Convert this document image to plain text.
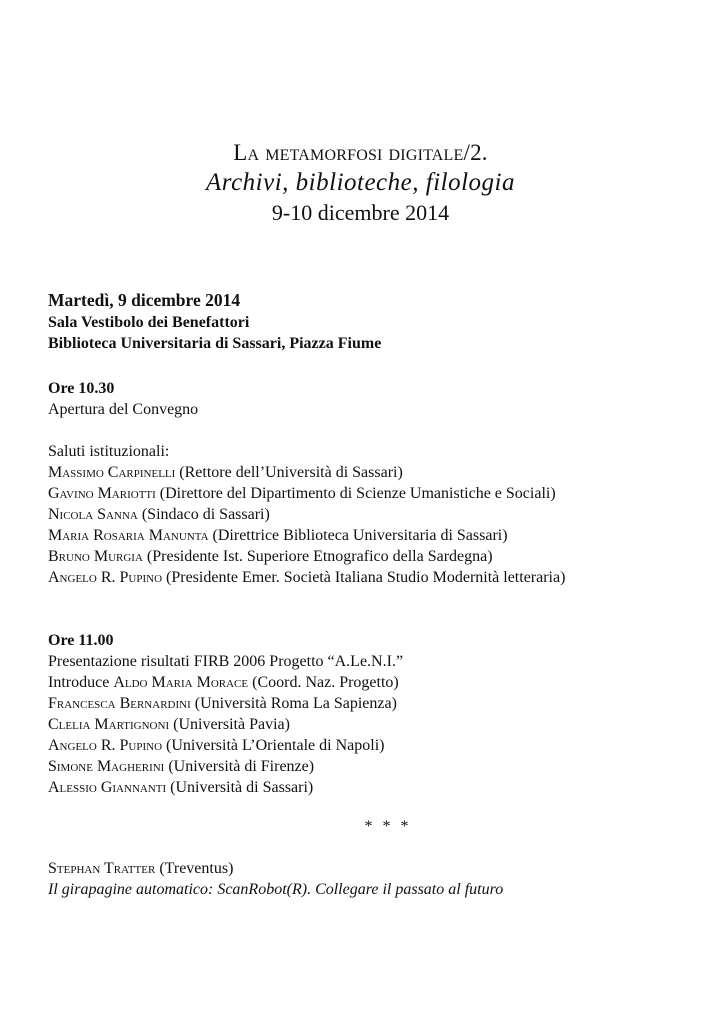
La metamorfosi digitale/2.
Archivi, biblioteche, filologia
9-10 dicembre 2014
Martedì, 9 dicembre 2014
Sala Vestibolo dei Benefattori
Biblioteca Universitaria di Sassari, Piazza Fiume
Ore 10.30
Apertura del Convegno
Saluti istituzionali:
Massimo Carpinelli (Rettore dell’Università di Sassari)
Gavino Mariotti (Direttore del Dipartimento di Scienze Umanistiche e Sociali)
Nicola Sanna (Sindaco di Sassari)
Maria Rosaria Manunta (Direttrice Biblioteca Universitaria di Sassari)
Bruno Murgia (Presidente Ist. Superiore Etnografico della Sardegna)
Angelo R. Pupino (Presidente Emer. Società Italiana Studio Modernità letteraria)
Ore 11.00
Presentazione risultati FIRB 2006 Progetto “A.Le.N.I.”
Introduce Aldo Maria Morace (Coord. Naz. Progetto)
Francesca Bernardini (Università Roma La Sapienza)
Clelia Martignoni (Università Pavia)
Angelo R. Pupino (Università L’Orientale di Napoli)
Simone Magherini (Università di Firenze)
Alessio Giannanti (Università di Sassari)
* * *
Stephan Tratter (Treventus)
Il girapagine automatico: ScanRobot(R). Collegare il passato al futuro
